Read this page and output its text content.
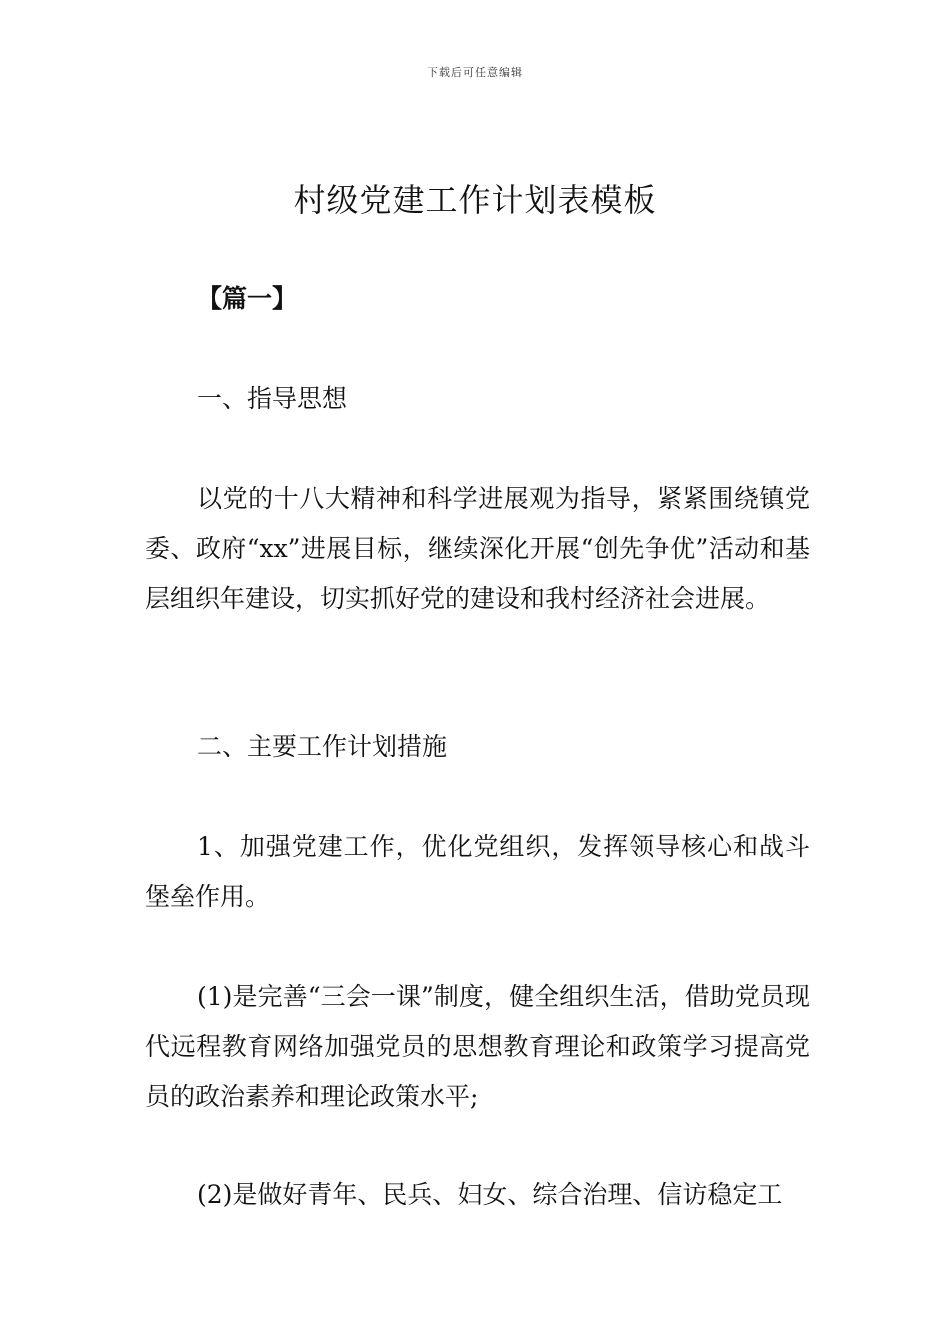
下载后可任意编辑
村级党建工作计划表模板

【篇一】

一、指导思想

以党的十八大精神和科学进展观为指导，紧紧围绕镇党委、政府“xx”进展目标，继续深化开展“创先争优”活动和基层组织年建设，切实抓好党的建设和我村经济社会进展。

二、主要工作计划措施

1、加强党建工作，优化党组织，发挥领导核心和战斗堡垒作用。

(1)是完善“三会一课”制度，健全组织生活，借助党员现代远程教育网络加强党员的思想教育理论和政策学习提高党员的政治素养和理论政策水平;

(2)是做好青年、民兵、妇女、综合治理、信访稳定工
